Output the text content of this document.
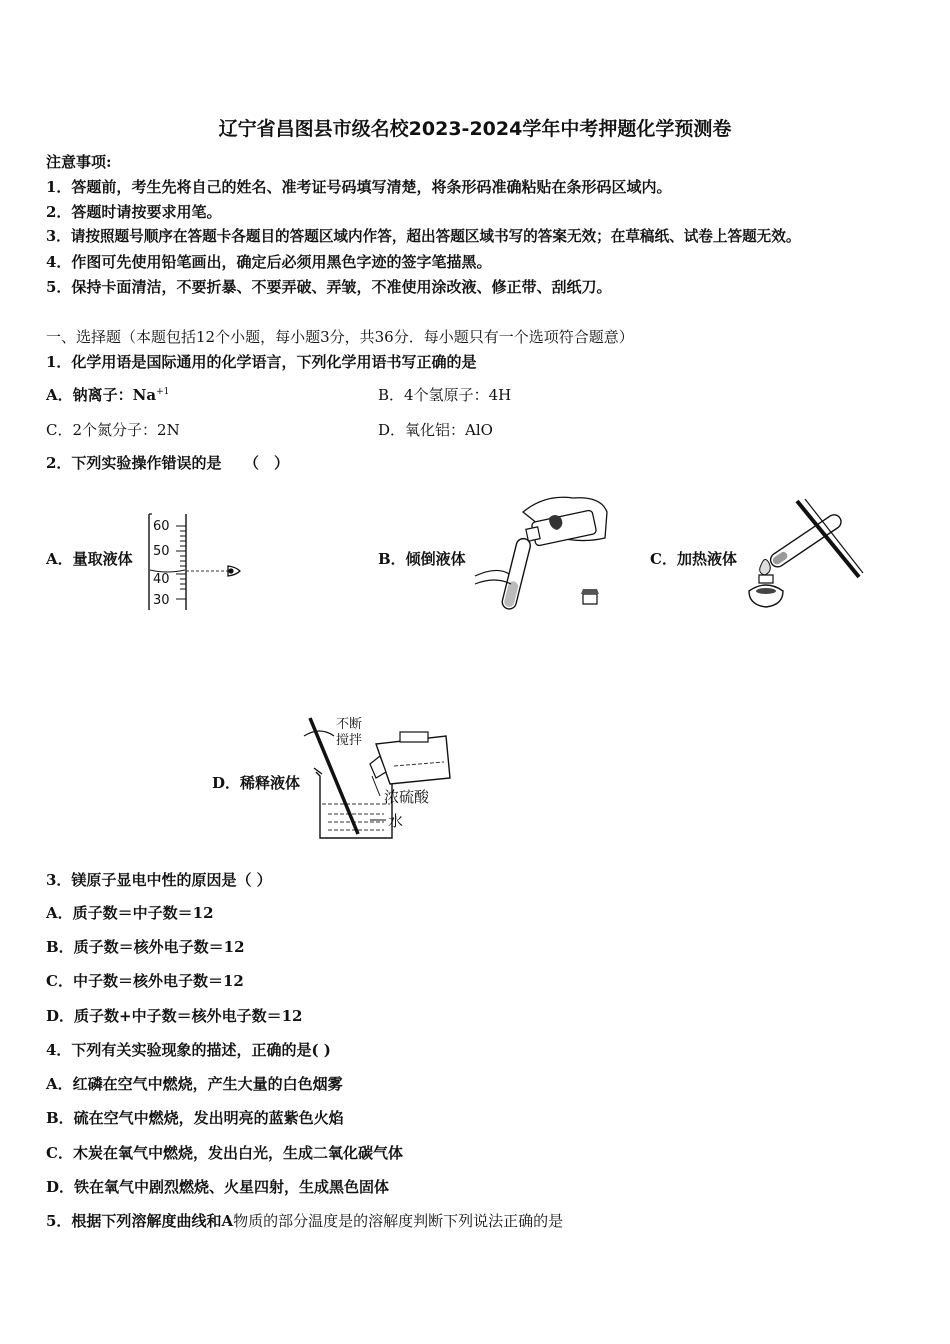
辽宁省昌图县市级名校2023-2024学年中考押题化学预测卷
注意事项:
1．答题前，考生先将自己的姓名、准考证号码填写清楚，将条形码准确粘贴在条形码区域内。
2．答题时请按要求用笔。
3．请按照题号顺序在答题卡各题目的答题区域内作答，超出答题区域书写的答案无效；在草稿纸、试卷上答题无效。
4．作图可先使用铅笔画出，确定后必须用黑色字迹的签字笔描黑。
5．保持卡面清洁，不要折暴、不要弄破、弄皱，不准使用涂改液、修正带、刮纸刀。
一、选择题（本题包括12个小题，每小题3分，共36分．每小题只有一个选项符合题意）
1．化学用语是国际通用的化学语言，下列化学用语书写正确的是
A．钠离子：$Na^{+1}$	B．4个氢原子：4H
C．2个氮分子：2N	D．氧化铝：AlO
2．下列实验操作错误的是　　（　）
A．量取液体	B．倾倒液体	C．加热液体
D．稀释液体
60
50
40
30
不断
搅拌
浓硫酸
水
3．镁原子显电中性的原因是（ ）
A．质子数＝中子数＝12
B．质子数＝核外电子数＝12
C．中子数＝核外电子数＝12
D．质子数+中子数＝核外电子数＝12
4．下列有关实验现象的描述，正确的是( )
A．红磷在空气中燃烧，产生大量的白色烟雾
B．硫在空气中燃烧，发出明亮的蓝紫色火焰
C．木炭在氧气中燃烧，发出白光，生成二氧化碳气体
D．铁在氧气中剧烈燃烧、火星四射，生成黑色固体
5．根据下列溶解度曲线和A物质的部分温度是的溶解度判断下列说法正确的是
